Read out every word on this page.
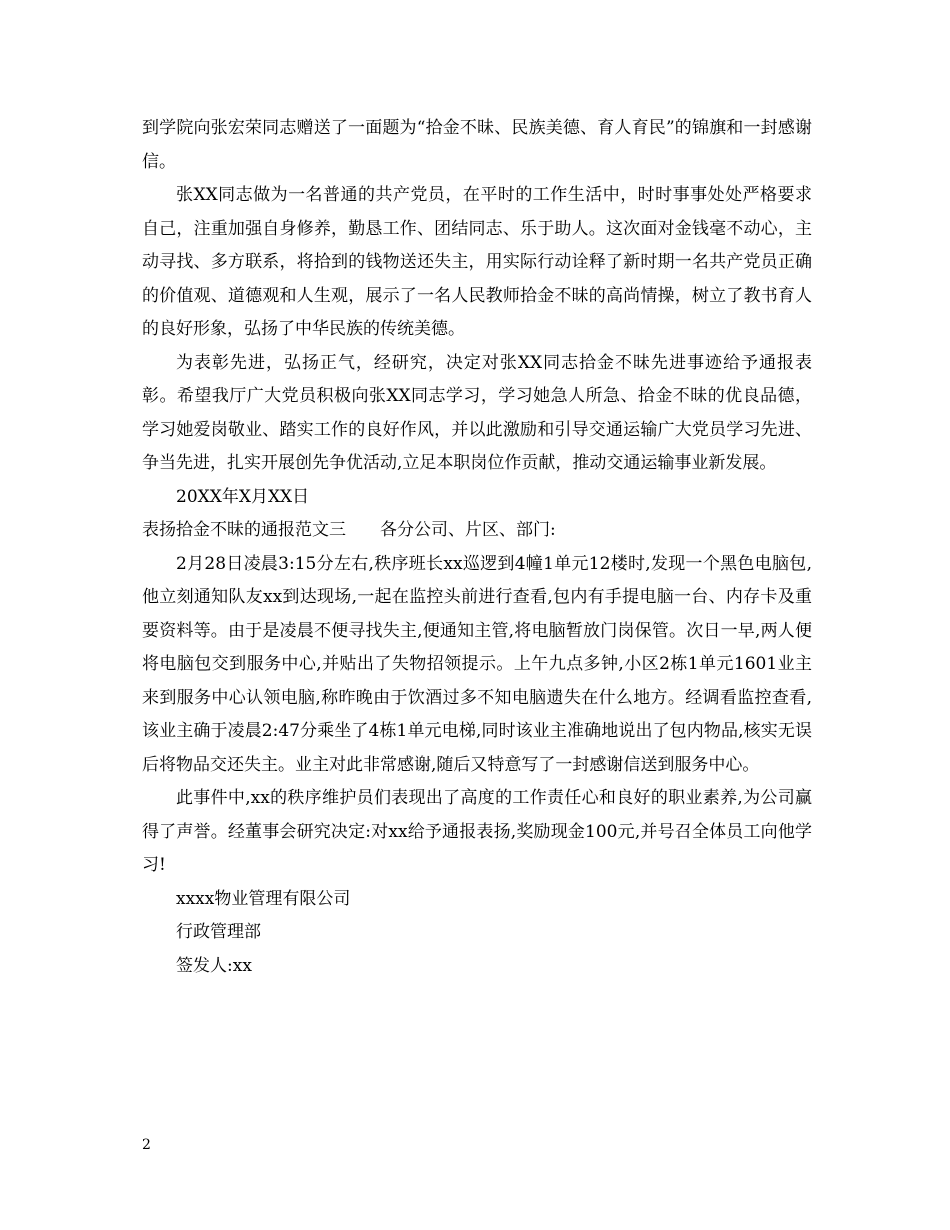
到学院向张宏荣同志赠送了一面题为“拾金不昧、民族美德、育人育民”的锦旗和一封感谢信。

张XX同志做为一名普通的共产党员，在平时的工作生活中，时时事事处处严格要求自己，注重加强自身修养，勤恳工作、团结同志、乐于助人。这次面对金钱毫不动心，主动寻找、多方联系，将拾到的钱物送还失主，用实际行动诠释了新时期一名共产党员正确的价值观、道德观和人生观，展示了一名人民教师拾金不昧的高尚情操，树立了教书育人的良好形象，弘扬了中华民族的传统美德。

为表彰先进，弘扬正气，经研究，决定对张XX同志拾金不昧先进事迹给予通报表彰。希望我厅广大党员积极向张XX同志学习，学习她急人所急、拾金不昧的优良品德，学习她爱岗敬业、踏实工作的良好作风，并以此激励和引导交通运输广大党员学习先进、争当先进，扎实开展创先争优活动,立足本职岗位作贡献，推动交通运输事业新发展。

20XX年X月XX日

表扬拾金不昧的通报范文三　　各分公司、片区、部门:

2月28日凌晨3:15分左右,秩序班长xx巡逻到4幢1单元12楼时,发现一个黑色电脑包,他立刻通知队友xx到达现场,一起在监控头前进行查看,包内有手提电脑一台、内存卡及重要资料等。由于是凌晨不便寻找失主,便通知主管,将电脑暂放门岗保管。次日一早,两人便将电脑包交到服务中心,并贴出了失物招领提示。上午九点多钟,小区2栋1单元1601业主来到服务中心认领电脑,称昨晚由于饮酒过多不知电脑遗失在什么地方。经调看监控查看,该业主确于凌晨2:47分乘坐了4栋1单元电梯,同时该业主准确地说出了包内物品,核实无误后将物品交还失主。业主对此非常感谢,随后又特意写了一封感谢信送到服务中心。

此事件中,xx的秩序维护员们表现出了高度的工作责任心和良好的职业素养,为公司赢得了声誉。经董事会研究决定:对xx给予通报表扬,奖励现金100元,并号召全体员工向他学习!

xxxx物业管理有限公司

行政管理部

签发人:xx

2
